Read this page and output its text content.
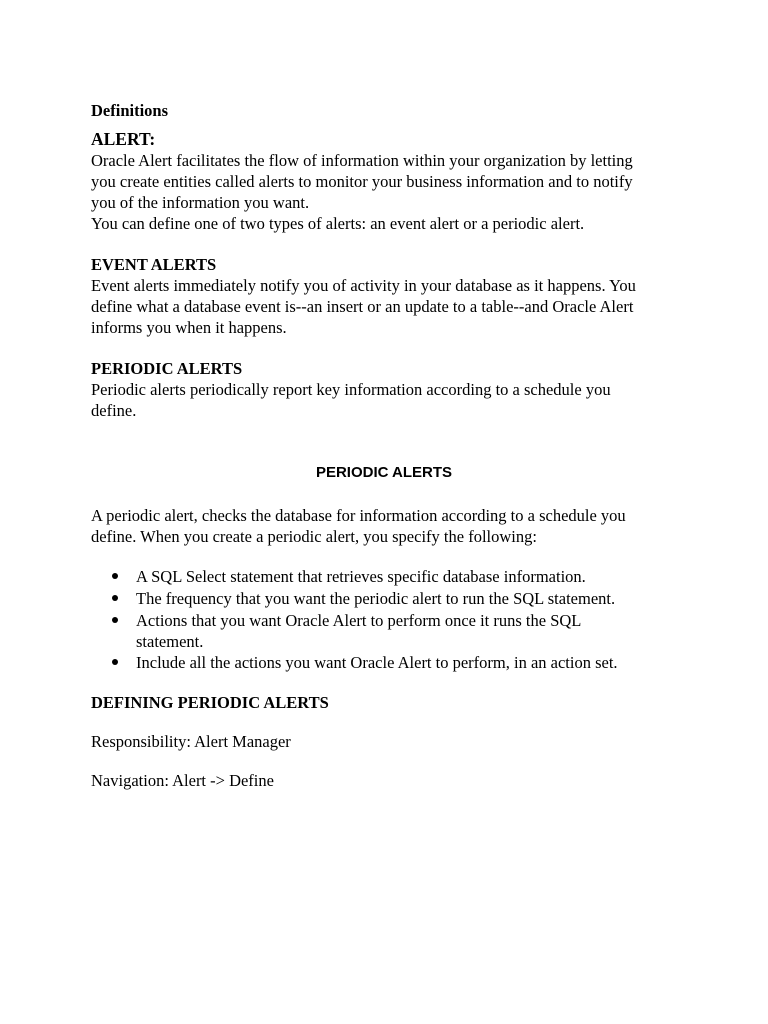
Definitions
ALERT:
Oracle Alert facilitates the flow of information within your organization by letting
you create entities called alerts to monitor your business information and to notify
you of the information you want.
You can define one of two types of alerts: an event alert or a periodic alert.
EVENT ALERTS
Event alerts immediately notify you of activity in your database as it happens. You
define what a database event is--an insert or an update to a table--and Oracle Alert
informs you when it happens.
PERIODIC ALERTS
Periodic alerts periodically report key information according to a schedule you
define.
PERIODIC ALERTS
A periodic alert, checks the database for information according to a schedule you
define. When you create a periodic alert, you specify the following:
A SQL Select statement that retrieves specific database information.
The frequency that you want the periodic alert to run the SQL statement.
Actions that you want Oracle Alert to perform once it runs the SQL
statement.
Include all the actions you want Oracle Alert to perform, in an action set.
DEFINING PERIODIC ALERTS
Responsibility: Alert Manager
Navigation: Alert -> Define
